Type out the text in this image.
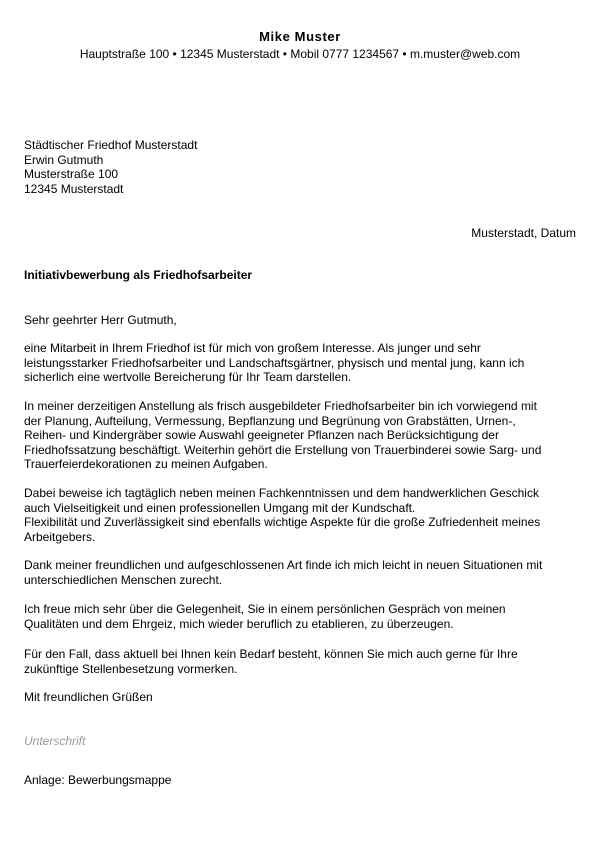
Mike Muster
Hauptstraße 100 • 12345 Musterstadt • Mobil 0777 1234567 • m.muster@web.com
Städtischer Friedhof Musterstadt
Erwin Gutmuth
Musterstraße 100
12345 Musterstadt
Musterstadt, Datum
Initiativbewerbung als Friedhofsarbeiter
Sehr geehrter Herr Gutmuth,
eine Mitarbeit in Ihrem Friedhof ist für mich von großem Interesse. Als junger und sehr
leistungsstarker Friedhofsarbeiter und Landschaftsgärtner, physisch und mental jung, kann ich
sicherlich eine wertvolle Bereicherung für Ihr Team darstellen.
In meiner derzeitigen Anstellung als frisch ausgebildeter Friedhofsarbeiter bin ich vorwiegend mit
der Planung, Aufteilung, Vermessung, Bepflanzung und Begrünung von Grabstätten, Urnen-,
Reihen- und Kindergräber sowie Auswahl geeigneter Pflanzen nach Berücksichtigung der
Friedhofssatzung beschäftigt. Weiterhin gehört die Erstellung von Trauerbinderei sowie Sarg- und
Trauerfeierdekorationen zu meinen Aufgaben.
Dabei beweise ich tagtäglich neben meinen Fachkenntnissen und dem handwerklichen Geschick
auch Vielseitigkeit und einen professionellen Umgang mit der Kundschaft.
Flexibilität und Zuverlässigkeit sind ebenfalls wichtige Aspekte für die große Zufriedenheit meines
Arbeitgebers.
Dank meiner freundlichen und aufgeschlossenen Art finde ich mich leicht in neuen Situationen mit
unterschiedlichen Menschen zurecht.
Ich freue mich sehr über die Gelegenheit, Sie in einem persönlichen Gespräch von meinen
Qualitäten und dem Ehrgeiz, mich wieder beruflich zu etablieren, zu überzeugen.
Für den Fall, dass aktuell bei Ihnen kein Bedarf besteht, können Sie mich auch gerne für Ihre
zukünftige Stellenbesetzung vormerken.
Mit freundlichen Grüßen
Unterschrift
Anlage: Bewerbungsmappe
